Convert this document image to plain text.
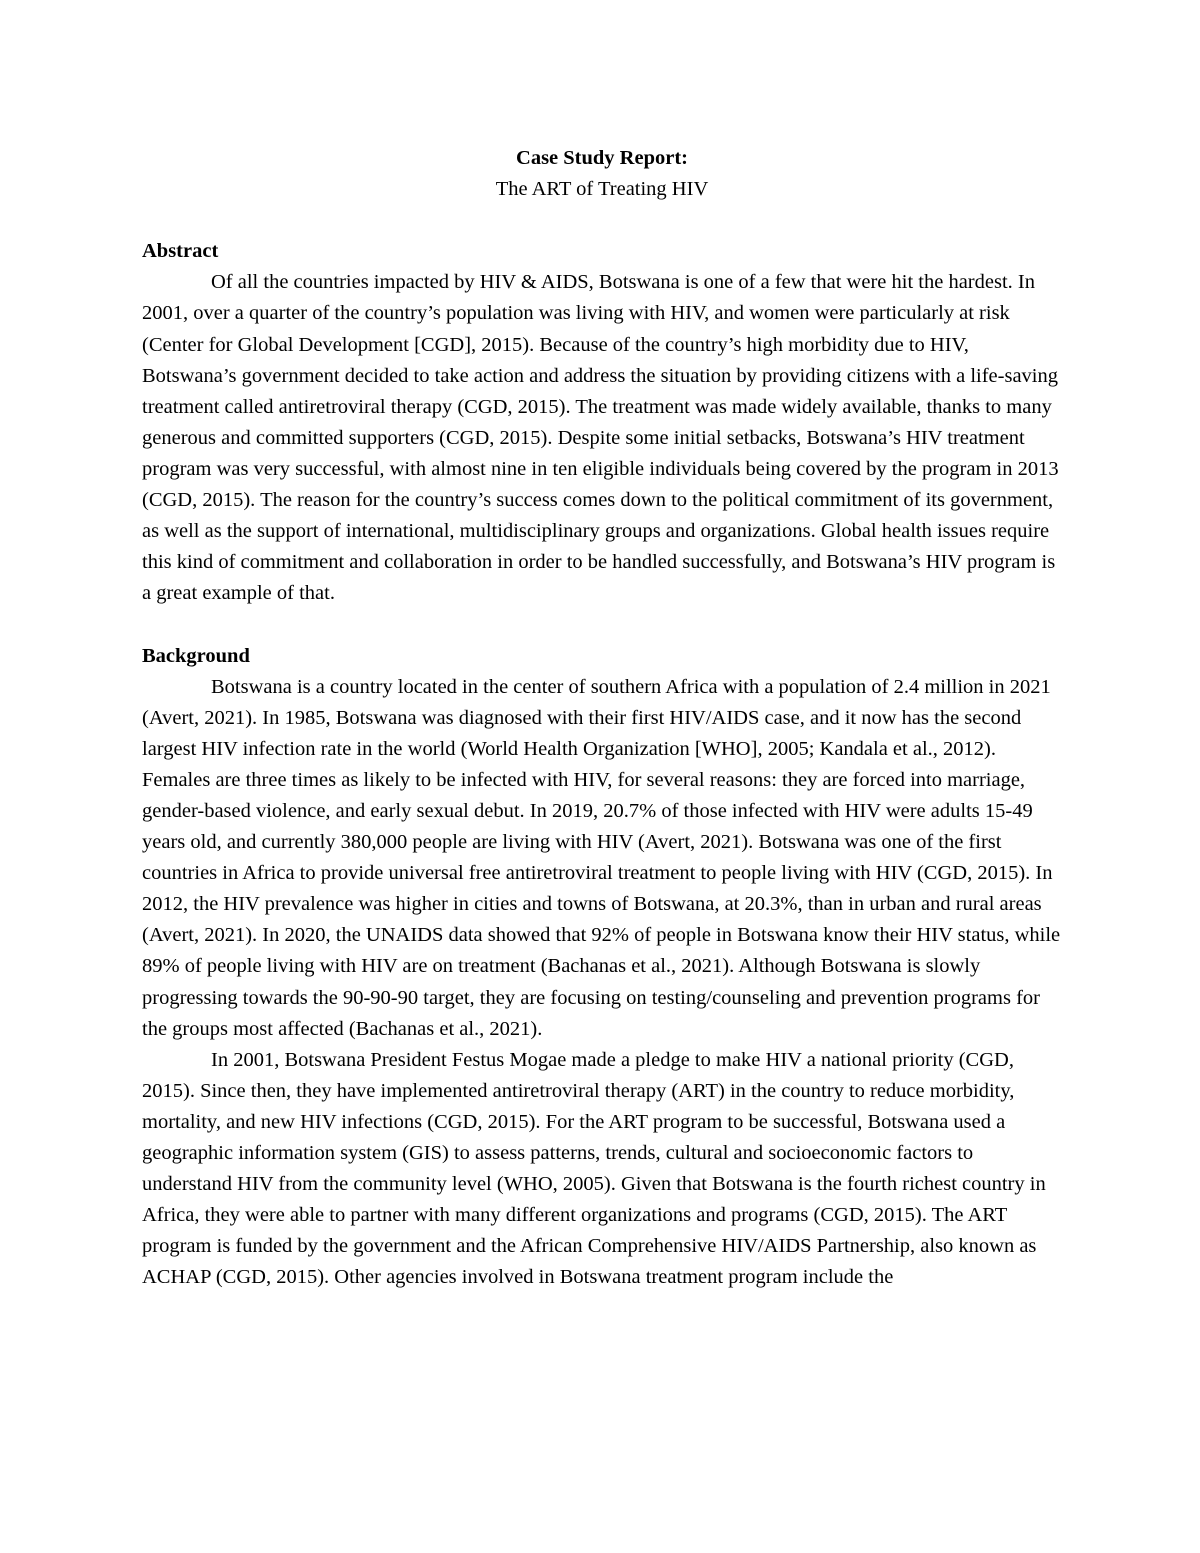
Case Study Report:

The ART of Treating HIV

Abstract

Of all the countries impacted by HIV & AIDS, Botswana is one of a few that were hit the hardest. In 2001, over a quarter of the country’s population was living with HIV, and women were particularly at risk (Center for Global Development [CGD], 2015). Because of the country’s high morbidity due to HIV, Botswana’s government decided to take action and address the situation by providing citizens with a life-saving treatment called antiretroviral therapy (CGD, 2015). The treatment was made widely available, thanks to many generous and committed supporters (CGD, 2015). Despite some initial setbacks, Botswana’s HIV treatment program was very successful, with almost nine in ten eligible individuals being covered by the program in 2013 (CGD, 2015). The reason for the country’s success comes down to the political commitment of its government, as well as the support of international, multidisciplinary groups and organizations. Global health issues require this kind of commitment and collaboration in order to be handled successfully, and Botswana’s HIV program is a great example of that.

Background

Botswana is a country located in the center of southern Africa with a population of 2.4 million in 2021 (Avert, 2021). In 1985, Botswana was diagnosed with their first HIV/AIDS case, and it now has the second largest HIV infection rate in the world (World Health Organization [WHO], 2005; Kandala et al., 2012). Females are three times as likely to be infected with HIV, for several reasons: they are forced into marriage, gender-based violence, and early sexual debut. In 2019, 20.7% of those infected with HIV were adults 15-49 years old, and currently 380,000 people are living with HIV (Avert, 2021). Botswana was one of the first countries in Africa to provide universal free antiretroviral treatment to people living with HIV (CGD, 2015). In 2012, the HIV prevalence was higher in cities and towns of Botswana, at 20.3%, than in urban and rural areas (Avert, 2021). In 2020, the UNAIDS data showed that 92% of people in Botswana know their HIV status, while 89% of people living with HIV are on treatment (Bachanas et al., 2021). Although Botswana is slowly progressing towards the 90-90-90 target, they are focusing on testing/counseling and prevention programs for the groups most affected (Bachanas et al., 2021).

In 2001, Botswana President Festus Mogae made a pledge to make HIV a national priority (CGD, 2015). Since then, they have implemented antiretroviral therapy (ART) in the country to reduce morbidity, mortality, and new HIV infections (CGD, 2015). For the ART program to be successful, Botswana used a geographic information system (GIS) to assess patterns, trends, cultural and socioeconomic factors to understand HIV from the community level (WHO, 2005). Given that Botswana is the fourth richest country in Africa, they were able to partner with many different organizations and programs (CGD, 2015). The ART program is funded by the government and the African Comprehensive HIV/AIDS Partnership, also known as ACHAP (CGD, 2015). Other agencies involved in Botswana treatment program include the
